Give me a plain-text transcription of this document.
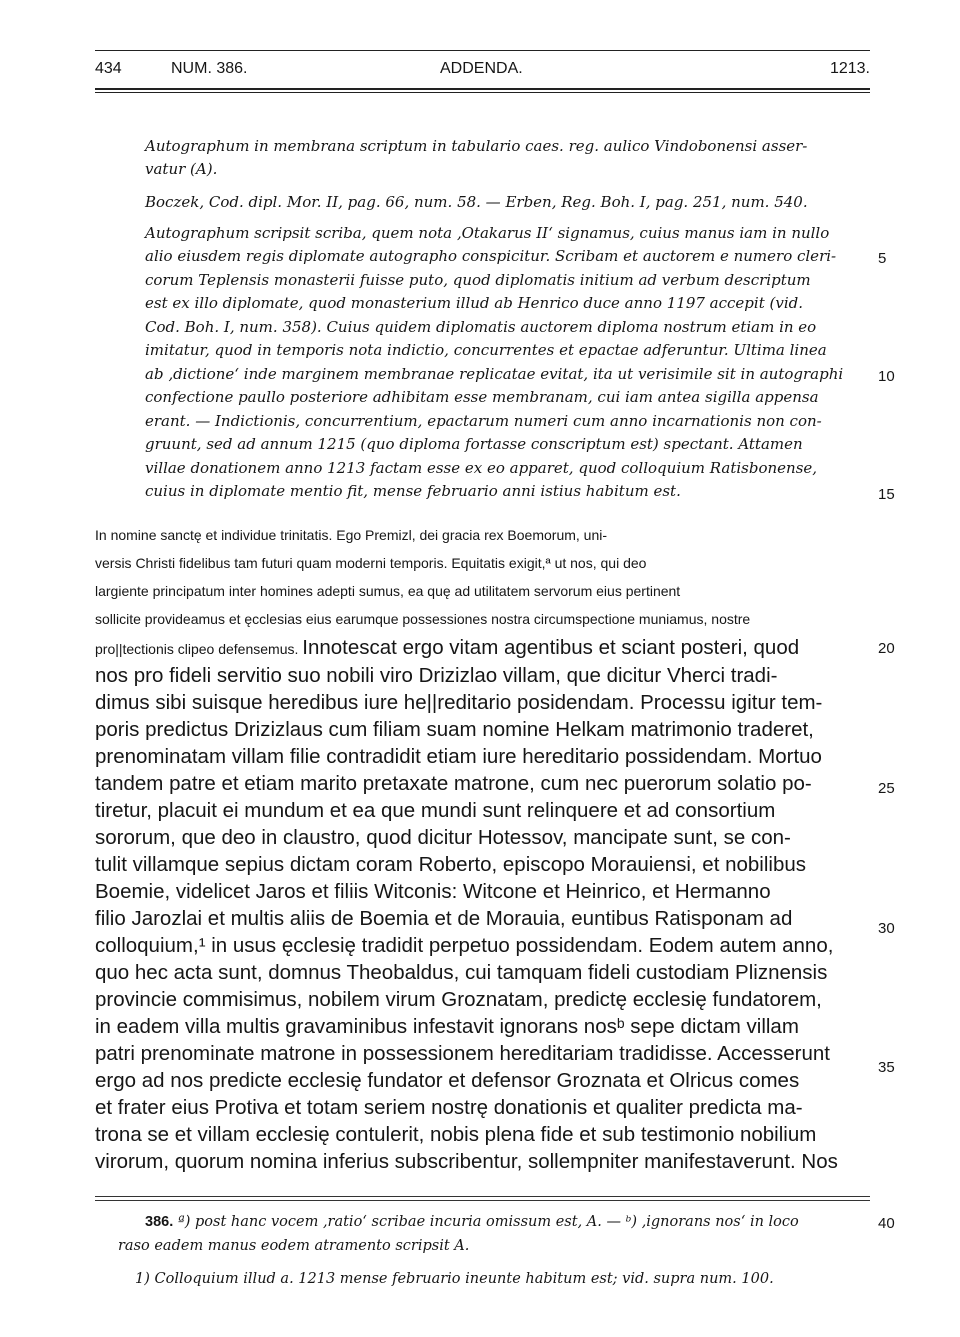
434	NUM. 386.	ADDENDA.	1213.

Autographum in membrana scriptum in tabulario caes. reg. aulico Vindobonensi asser-

vatur (A).

Boczek, Cod. dipl. Mor. II, pag. 66, num. 58. — Erben, Reg. Boh. I, pag. 251, num. 540.

Autographum scripsit scriba, quem nota ‚Otakarus II‘ signamus, cuius manus iam in nullo

alio eiusdem regis diplomate autographo conspicitur. Scribam et auctorem e numero cleri-

corum Teplensis monasterii fuisse puto, quod diplomatis initium ad verbum descriptum

est ex illo diplomate, quod monasterium illud ab Henrico duce anno 1197 accepit (vid.

Cod. Boh. I, num. 358). Cuius quidem diplomatis auctorem diploma nostrum etiam in eo

imitatur, quod in temporis nota indictio, concurrentes et epactae adferuntur. Ultima linea

ab ‚dictione‘ inde marginem membranae replicatae evitat, ita ut verisimile sit in autographi

confectione paullo posteriore adhibitam esse membranam, cui iam antea sigilla appensa

erant. — Indictionis, concurrentium, epactarum numeri cum anno incarnationis non con-

gruunt, sed ad annum 1215 (quo diploma fortasse conscriptum est) spectant. Attamen

villae donationem anno 1213 factam esse ex eo apparet, quod colloquium Ratisbonense,

cuius in diplomate mentio fit, mense februario anni istius habitum est.

In nomine sanctę et individue trinitatis. Ego Premizl, dei gracia rex Boemorum, uni-

versis Christi fidelibus tam futuri quam moderni temporis. Equitatis exigit,ª ut nos, qui deo

largiente principatum inter homines adepti sumus, ea quę ad utilitatem servorum eius pertinent

sollicite provideamus et ęcclesias eius earumque possessiones nostra circumspectione muniamus, nostre

pro||tectionis clipeo defensemus. Innotescat ergo vitam agentibus et sciant posteri, quod

nos pro fideli servitio suo nobili viro Drizizlao villam, que dicitur Vherci tradi-

dimus sibi suisque heredibus iure he||reditario posidendam. Processu igitur tem-

poris predictus Drizizlaus cum filiam suam nomine Helkam matrimonio traderet,

prenominatam villam filie contradidit etiam iure hereditario possidendam. Mortuo

tandem patre et etiam marito pretaxate matrone, cum nec puerorum solatio po-

tiretur, placuit ei mundum et ea que mundi sunt relinquere et ad consortium

sororum, que deo in claustro, quod dicitur Hotessov, mancipate sunt, se con-

tulit villamque sepius dictam coram Roberto, episcopo Morauiensi, et nobilibus

Boemie, videlicet Jaros et filiis Witconis: Witcone et Heinrico, et Hermanno

filio Jarozlai et multis aliis de Boemia et de Morauia, euntibus Ratisponam ad

colloquium,¹ in usus ęcclesię tradidit perpetuo possidendam. Eodem autem anno,

quo hec acta sunt, domnus Theobaldus, cui tamquam fideli custodiam Pliznensis

provincie commisimus, nobilem virum Groznatam, predictę ecclesię fundatorem,

in eadem villa multis gravaminibus infestavit ignorans nosᵇ sepe dictam villam

patri prenominate matrone in possessionem hereditariam tradidisse. Accesserunt

ergo ad nos predicte ecclesię fundator et defensor Groznata et Olricus comes

et frater eius Protiva et totam seriem nostrę donationis et qualiter predicta ma-

trona se et villam ecclesię contulerit, nobis plena fide et sub testimonio nobilium

virorum, quorum nomina inferius subscribentur, sollempniter manifestaverunt. Nos

5
10
15
20
25
30
35
40

386. ª) post hanc vocem ‚ratio‘ scribae incuria omissum est, A. — ᵇ) ‚ignorans nos‘ in loco

raso eadem manus eodem atramento scripsit A.

1) Colloquium illud a. 1213 mense februario ineunte habitum est; vid. supra num. 100.
